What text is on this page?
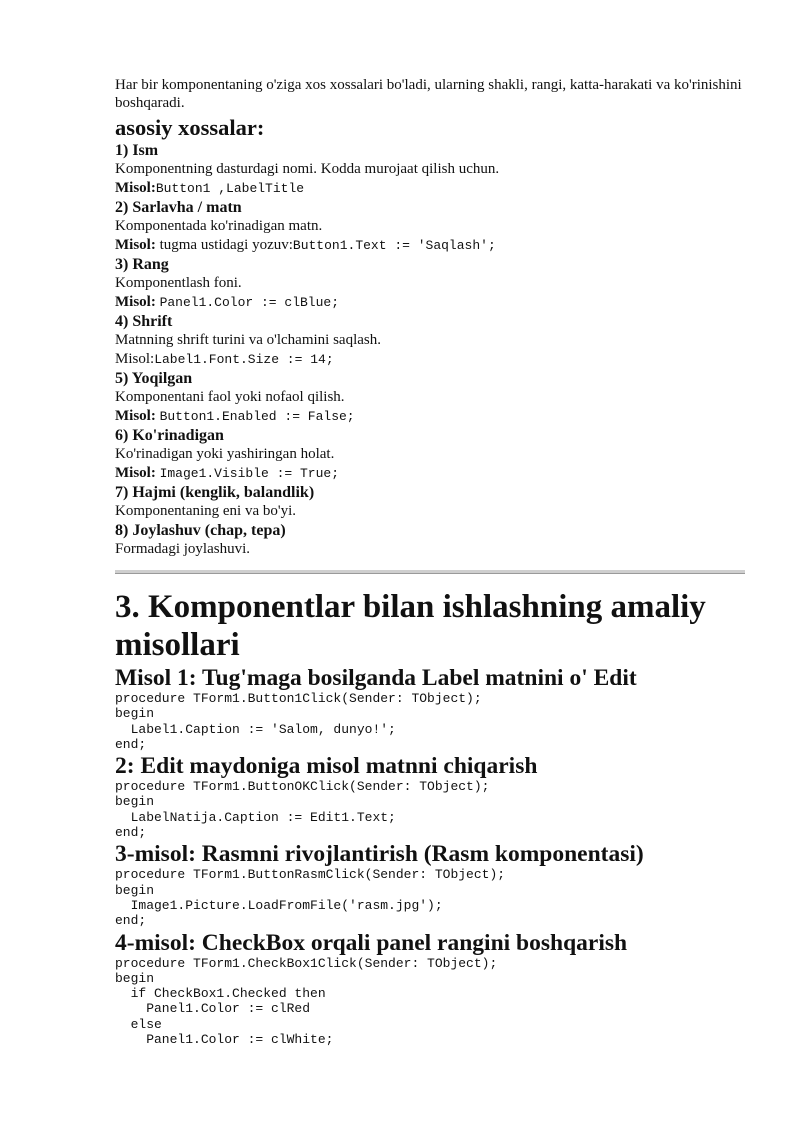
Har bir komponentaning o'ziga xos xossalari bo'ladi, ularning shakli, rangi, katta-harakati va ko'rinishini boshqaradi.

asosiy xossalar:

1) Ism

Komponentning dasturdagi nomi. Kodda murojaat qilish uchun.

Misol:Button1 ,LabelTitle

2) Sarlavha / matn

Komponentada ko'rinadigan matn.

Misol: tugma ustidagi yozuv:Button1.Text := 'Saqlash';

3) Rang

Komponentlash foni.

Misol: Panel1.Color := clBlue;

4) Shrift

Matnning shrift turini va o'lchamini saqlash.

Misol:Label1.Font.Size := 14;

5) Yoqilgan

Komponentani faol yoki nofaol qilish.

Misol: Button1.Enabled := False;

6) Ko'rinadigan

Ko'rinadigan yoki yashiringan holat.

Misol: Image1.Visible := True;

7) Hajmi (kenglik, balandlik)

Komponentaning eni va bo'yi.

8) Joylashuv (chap, tepa)

Formadagi joylashuvi.

3. Komponentlar bilan ishlashning amaliy misollari
Misol 1: Tug'maga bosilganda Label matnini o' Edit
procedure TForm1.Button1Click(Sender: TObject);
begin
Label1.Caption := 'Salom, dunyo!';
end;
2: Edit maydoniga misol matnni chiqarish
procedure TForm1.ButtonOKClick(Sender: TObject);
begin
LabelNatija.Caption := Edit1.Text;
end;
3-misol: Rasmni rivojlantirish (Rasm komponentasi)
procedure TForm1.ButtonRasmClick(Sender: TObject);
begin
Image1.Picture.LoadFromFile('rasm.jpg');
end;
4-misol: CheckBox orqali panel rangini boshqarish
procedure TForm1.CheckBox1Click(Sender: TObject);
begin
if CheckBox1.Checked then
Panel1.Color := clRed
else
Panel1.Color := clWhite;
